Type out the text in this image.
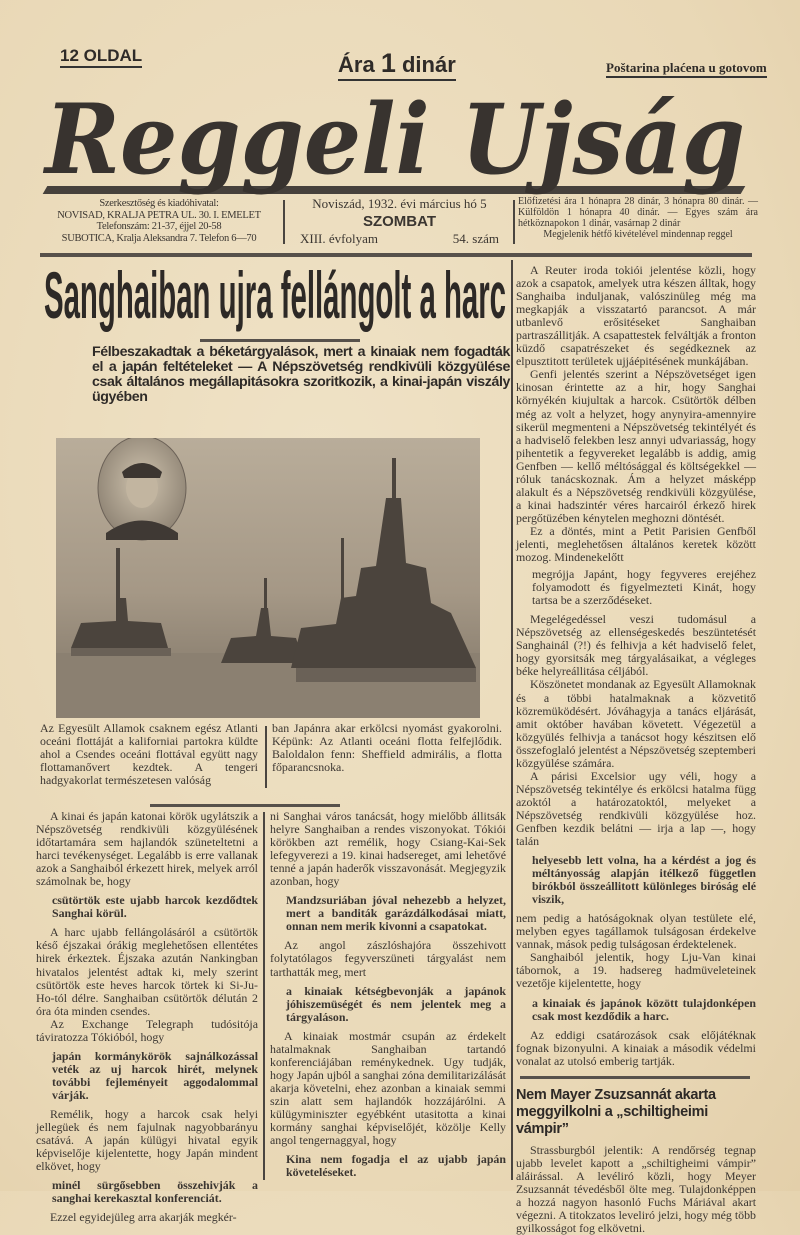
12 OLDAL	Ára 1 dinár	Poštarina plaćena u gotovom
Reggeli Ujság
Szerkesztőség és kiadóhivatal:
NOVISAD, KRALJA PETRA UL. 30. I. EMELET
Telefonszám: 21-37, éjjel 20-58
SUBOTICA, Kralja Aleksandra 7. Telefon 6—70
Noviszád, 1932. évi március hó 5
SZOMBAT
XIII. évfolyam	54. szám
Előfizetési ára 1 hónapra 28 dinár, 3 hónapra 80 dinár. — Külföldön 1 hónapra 40 dinár. — Egyes szám ára hétköznapokon 1 dinár, vasárnap 2 dinár
Megjelenik hétfő kivételével mindennap reggel
Sanghaiban ujra fellángolt a harc
Félbeszakadtak a béketárgyalások, mert a kinaiak nem fogadták el a japán feltételeket — A Népszövetség rendkivüli közgyülése csak általános megállapitásokra szoritkozik, a kinai-japán viszály ügyében

Az Egyesült Allamok csaknem egész Atlanti oceáni flottáját a kaliforniai partokra küldte ahol a Csendes oceáni flottával együtt nagy flottamanővert kezdtek. A tengeri hadgyakorlat természetesen valóság

ban Japánra akar erkölcsi nyomást gyakorolni. Képünk: Az Atlanti oceáni flotta felfejlődik. Baloldalon fenn: Sheffield admirális, a flotta főparancsnoka.

A kinai és japán katonai körök ugylátszik a Népszövetség rendkivüli közgyülésének időtartamára sem hajlandók szüneteltetni a harci tevékenységet. Legalább is erre vallanak azok a Sanghaiból érkezett hirek, melyek arról számolnak be, hogy

csütörtök este ujabb harcok kezdődtek Sanghai körül.

A harc ujabb fellángolásáról a csütörtök késő éjszakai órákig meglehetősen ellentétes hirek érkeztek. Éjszaka azután Nankingban hivatalos jelentést adtak ki, mely szerint csütörtök este heves harcok törtek ki Si-Ju-Ho-tól délre. Sanghaiban csütörtök délután 2 óra óta minden csendes.

Az Exchange Telegraph tudósitója táviratozza Tókióból, hogy

japán kormánykörök sajnálkozással veték az uj harcok hirét, melynek további fejleményeit aggodalommal várják.

Remélik, hogy a harcok csak helyi jellegüek és nem fajulnak nagyobbarányu csatává. A japán külügyi hivatal egyik képviselője kijelentette, hogy Japán mindent elkövet, hogy

minél sürgősebben összehivják a sanghai kerekasztal konferenciát.

Ezzel egyidejüleg arra akarják megkér-

ni Sanghai város tanácsát, hogy mielőbb állitsák helyre Sanghaiban a rendes viszonyokat. Tókiói körökben azt remélik, hogy Csiang-Kai-Sek lefegyverezi a 19. kinai hadsereget, ami lehetővé tenné a japán haderők visszavonását. Megjegyzik azonban, hogy

Mandzsuriában jóval nehezebb a helyzet, mert a banditák garázdálkodásai miatt, onnan nem merik kivonni a csapatokat.

Az angol zászlóshajóra összehivott folytatólagos fegyverszüneti tárgyalást nem tarthatták meg, mert

a kinaiak kétségbevonják a japánok jóhiszemüségét és nem jelentek meg a tárgyaláson.

A kinaiak mostmár csupán az érdekelt hatalmaknak Sanghaiban tartandó konferenciájában reménykednek. Ugy tudják, hogy Japán ujból a sanghai zóna demilitarizálását akarja követelni, ehez azonban a kinaiak semmi szin alatt sem hajlandók hozzájárólni. A külügyminiszter egyébként utasitotta a kinai kormány sanghai képviselőjét, közölje Kelly angol tengernaggyal, hogy

Kina nem fogadja el az ujabb japán követeléseket.

A Reuter iroda tokiói jelentése közli, hogy azok a csapatok, amelyek utra készen álltak, hogy Sanghaiba induljanak, valószinüleg még ma megkapják a visszatartó parancsot. A már utbanlevő erősitéseket Sanghaiban partraszállitják. A csapattestek felváltják a fronton küzdő csapatrészeket és segédkeznek az elpusztitott területek ujjáépitésének munkájában.

Genfi jelentés szerint a Népszövetséget igen kinosan érintette az a hir, hogy Sanghai környékén kiujultak a harcok. Csütörtök délben még az volt a helyzet, hogy anynyira-amennyire sikerül megmenteni a Népszövetség tekintélyét és a hadviselő felekben lesz annyi udvariasság, hogy pihentetik a fegyvereket legalább is addig, amig Genfben — kellő méltósággal és költségekkel — róluk tanácskoznak. Ám a helyzet másképp alakult és a Népszövetség rendkivüli közgyülése, a kinai hadszintér véres harcairól érkező hirek pergőtüzében kénytelen meghozni döntését.

Ez a döntés, mint a Petit Parisien Genfből jelenti, meglehetősen általános keretek között mozog. Mindenekelőtt

megrójja Japánt, hogy fegyveres erejéhez folyamodott és figyelmezteti Kinát, hogy tartsa be a szerződéseket.

Megelégedéssel veszi tudomásul a Népszövetség az ellenségeskedés beszüntetését Sanghainál (?!) és felhivja a két hadviselő felet, hogy gyorsitsák meg tárgyalásaikat, a végleges béke helyreállitása céljából.

Köszönetet mondanak az Egyesült Allamoknak és a többi hatalmaknak a közvetitő közremüködésért. Jóváhagyja a tanács eljárását, amit október havában követett. Végezetül a közgyülés felhivja a tanácsot hogy készitsen elő összefoglaló jelentést a Népszövetség szeptemberi közgyülése számára.

A párisi Excelsior ugy véli, hogy a Népszövetség tekintélye és erkölcsi hatalma függ azoktól a határozatoktól, melyeket a Népszövetség rendkivüli közgyülése hoz. Genfben kezdik belátni — irja a lap —, hogy talán

helyesebb lett volna, ha a kérdést a jog és méltányosság alapján itélkező független birókból összeállitott különleges biróság elé viszik,

nem pedig a hatóságoknak olyan testülete elé, melyben egyes tagállamok tulságosan érdekelve vannak, mások pedig tulságosan érdektelenek.

Sanghaiból jelentik, hogy Lju-Van kinai tábornok, a 19. hadsereg hadmüveleteinek vezetője kijelentette, hogy

a kinaiak és japánok között tulajdonképen csak most kezdődik a harc.

Az eddigi csatározások csak előjátéknak fognak bizonyulni. A kinaiak a második védelmi vonalat az utolsó emberig tartják.

Nem Mayer Zsuzsannát akarta meggyilkolni a „schiltigheimi vámpir”

Strassburgból jelentik: A rendőrség tegnap ujabb levelet kapott a „schiltigheimi vámpir” aláirással. A levéliró közli, hogy Meyer Zsuzsannát tévedésből ölte meg. Tulajdonképpen a hozzá nagyon hasonló Fuchs Máriával akart végezni. A titokzatos leveliró jelzi, hogy még több gyilkosságot fog elkövetni.
